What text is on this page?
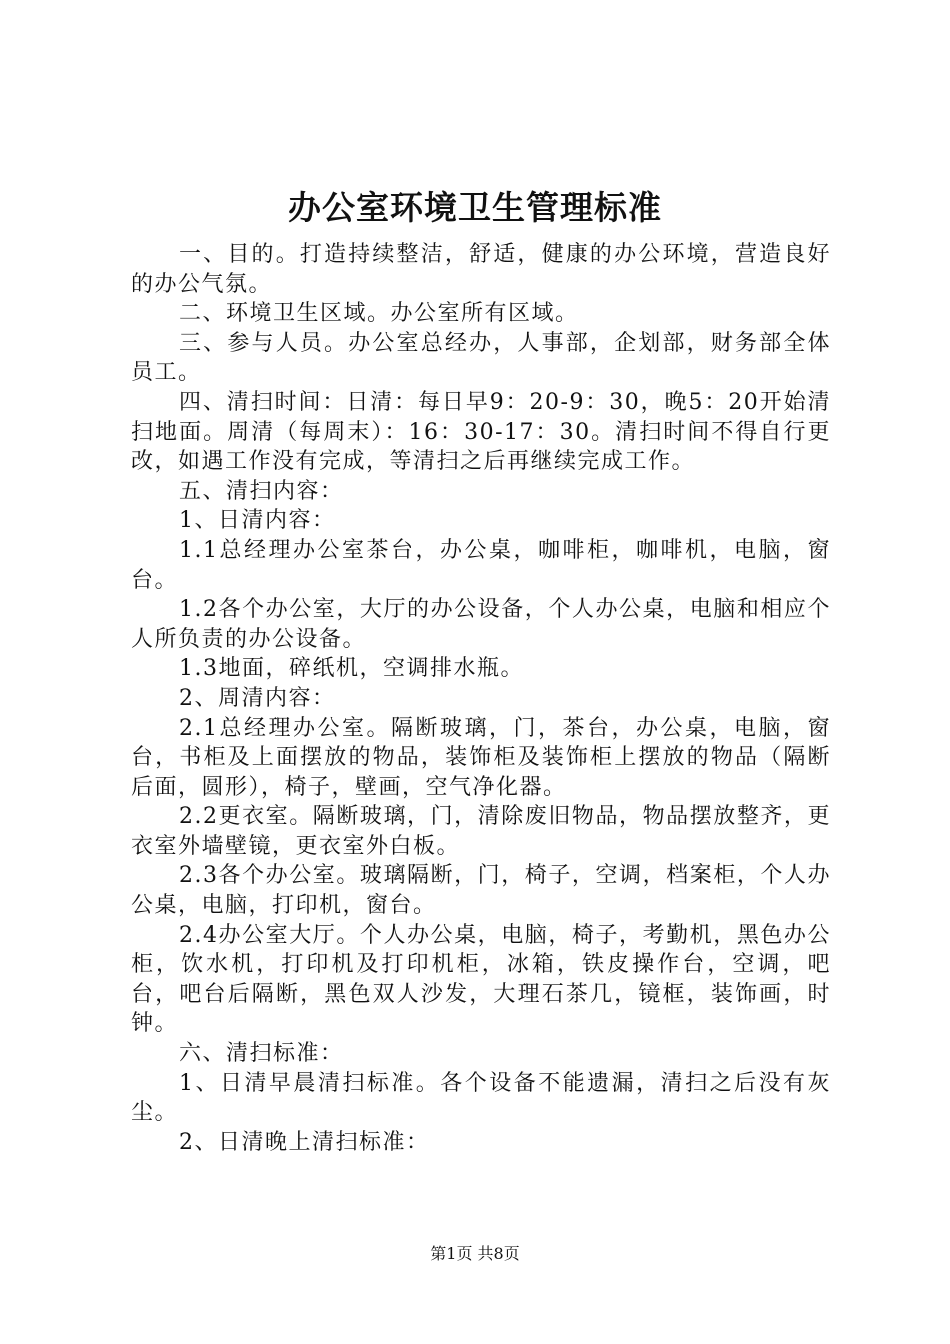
办公室环境卫生管理标准

一、目的。打造持续整洁，舒适，健康的办公环境，营造良好的办公气氛。

二、环境卫生区域。办公室所有区域。

三、参与人员。办公室总经办，人事部，企划部，财务部全体员工。

四、清扫时间：日清：每日早9：20-9：30，晚5：20开始清扫地面。周清（每周末）：16：30-17：30。清扫时间不得自行更改，如遇工作没有完成，等清扫之后再继续完成工作。

五、清扫内容：

1、日清内容：

1.1总经理办公室茶台，办公桌，咖啡柜，咖啡机，电脑，窗台。

1.2各个办公室，大厅的办公设备，个人办公桌，电脑和相应个人所负责的办公设备。

1.3地面，碎纸机，空调排水瓶。

2、周清内容：

2.1总经理办公室。隔断玻璃，门，茶台，办公桌，电脑，窗台，书柜及上面摆放的物品，装饰柜及装饰柜上摆放的物品（隔断后面，圆形），椅子，壁画，空气净化器。

2.2更衣室。隔断玻璃，门，清除废旧物品，物品摆放整齐，更衣室外墙壁镜，更衣室外白板。

2.3各个办公室。玻璃隔断，门，椅子，空调，档案柜，个人办公桌，电脑，打印机，窗台。

2.4办公室大厅。个人办公桌，电脑，椅子，考勤机，黑色办公柜，饮水机，打印机及打印机柜，冰箱，铁皮操作台，空调，吧台，吧台后隔断，黑色双人沙发，大理石茶几，镜框，装饰画，时钟。

六、清扫标准：

1、日清早晨清扫标准。各个设备不能遗漏，清扫之后没有灰尘。

2、日清晚上清扫标准：

第1页 共8页
